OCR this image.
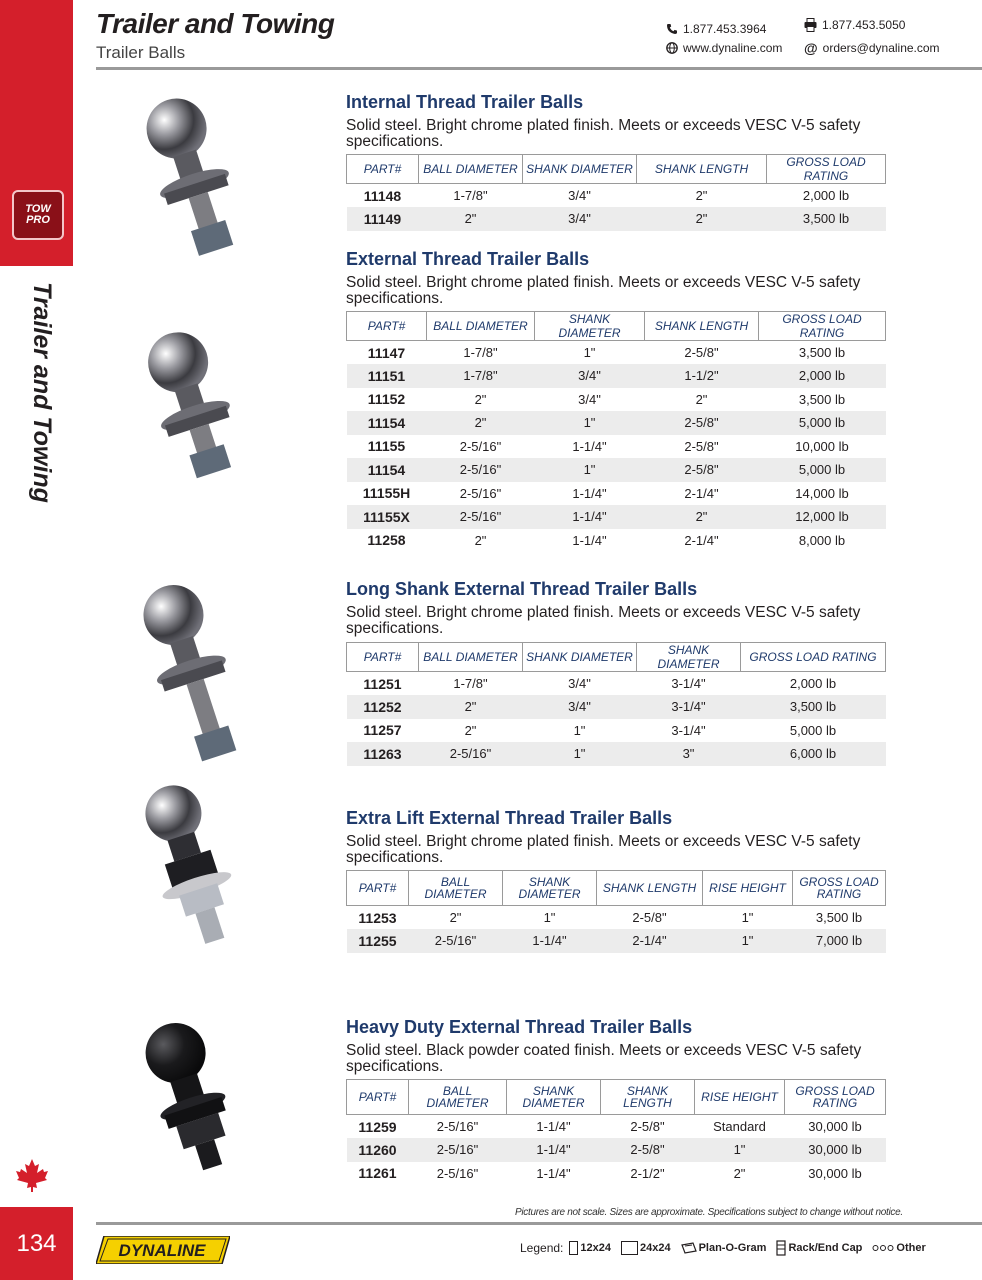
TOW
PRO
Trailer and Towing
134
Trailer and Towing
Trailer Balls
1.877.453.3964	1.877.453.5050
www.dynaline.com @ orders@dynaline.com
Internal Thread Trailer Balls
Solid steel. Bright chrome plated finish. Meets or exceeds VESC V-5 safety specifications.
PART#	BALL DIAMETER	SHANK DIAMETER	SHANK LENGTH	GROSS LOAD RATING
11148	1-7/8"	3/4"	2"	2,000 lb
11149	2"	3/4"	2"	3,500 lb
External Thread Trailer Balls
Solid steel. Bright chrome plated finish. Meets or exceeds VESC V-5 safety specifications.
PART#	BALL DIAMETER	SHANK DIAMETER	SHANK LENGTH	GROSS LOAD RATING
11147	1-7/8"	1"	2-5/8"	3,500 lb
11151	1-7/8"	3/4"	1-1/2"	2,000 lb
11152	2"	3/4"	2"	3,500 lb
11154	2"	1"	2-5/8"	5,000 lb
11155	2-5/16"	1-1/4"	2-5/8"	10,000 lb
11154	2-5/16"	1"	2-5/8"	5,000 lb
11155H	2-5/16"	1-1/4"	2-1/4"	14,000 lb
11155X	2-5/16"	1-1/4"	2"	12,000 lb
11258	2"	1-1/4"	2-1/4"	8,000 lb
Long Shank External Thread Trailer Balls
Solid steel. Bright chrome plated finish. Meets or exceeds VESC V-5 safety specifications.
PART#	BALL DIAMETER	SHANK DIAMETER	SHANK DIAMETER	GROSS LOAD RATING
11251	1-7/8"	3/4"	3-1/4"	2,000 lb
11252	2"	3/4"	3-1/4"	3,500 lb
11257	2"	1"	3-1/4"	5,000 lb
11263	2-5/16"	1"	3"	6,000 lb
Extra Lift External Thread Trailer Balls
Solid steel. Bright chrome plated finish. Meets or exceeds VESC V-5 safety specifications.
PART#	BALL DIAMETER	SHANK DIAMETER	SHANK LENGTH	RISE HEIGHT	GROSS LOAD RATING
11253	2"	1"	2-5/8"	1"	3,500 lb
11255	2-5/16"	1-1/4"	2-1/4"	1"	7,000 lb
Heavy Duty External Thread Trailer Balls
Solid steel. Black powder coated finish. Meets or exceeds VESC V-5 safety specifications.
PART#	BALL DIAMETER	SHANK DIAMETER	SHANK LENGTH	RISE HEIGHT	GROSS LOAD RATING
11259	2-5/16"	1-1/4"	2-5/8"	Standard	30,000 lb
11260	2-5/16"	1-1/4"	2-5/8"	1"	30,000 lb
11261	2-5/16"	1-1/4"	2-1/2"	2"	30,000 lb
Pictures are not scale. Sizes are approximate. Specifications subject to change without notice.
DYNALINE	Legend: 12x24	24x24	Plan-O-Gram Rack/End Cap	Other
